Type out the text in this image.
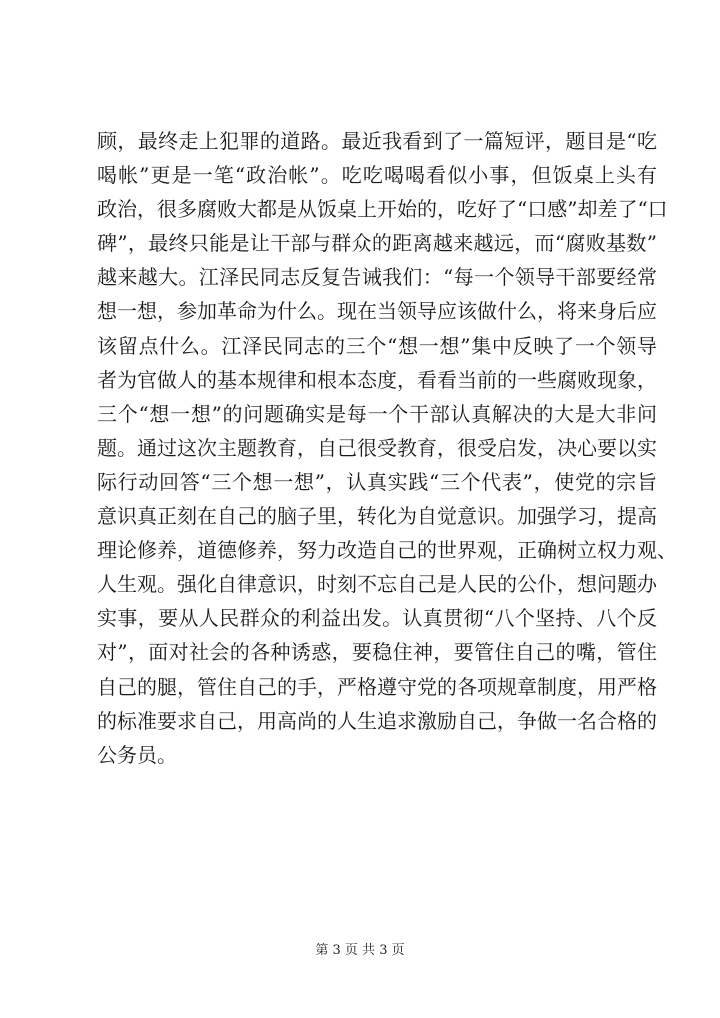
顾，最终走上犯罪的道路。最近我看到了一篇短评，题目是“吃
喝帐”更是一笔“政治帐”。吃吃喝喝看似小事，但饭桌上头有
政治，很多腐败大都是从饭桌上开始的，吃好了“口感”却差了“口
碑”，最终只能是让干部与群众的距离越来越远，而“腐败基数”
越来越大。江泽民同志反复告诫我们：“每一个领导干部要经常
想一想，参加革命为什么。现在当领导应该做什么，将来身后应
该留点什么。江泽民同志的三个“想一想”集中反映了一个领导
者为官做人的基本规律和根本态度，看看当前的一些腐败现象，
三个“想一想”的问题确实是每一个干部认真解决的大是大非问
题。通过这次主题教育，自己很受教育，很受启发，决心要以实
际行动回答“三个想一想”，认真实践“三个代表”，使党的宗旨
意识真正刻在自己的脑子里，转化为自觉意识。加强学习，提高
理论修养，道德修养，努力改造自己的世界观，正确树立权力观、
人生观。强化自律意识，时刻不忘自己是人民的公仆，想问题办
实事，要从人民群众的利益出发。认真贯彻“八个坚持、八个反
对”，面对社会的各种诱惑，要稳住神，要管住自己的嘴，管住
自己的腿，管住自己的手，严格遵守党的各项规章制度，用严格
的标准要求自己，用高尚的人生追求激励自己，争做一名合格的
公务员。
第 3 页 共 3 页
